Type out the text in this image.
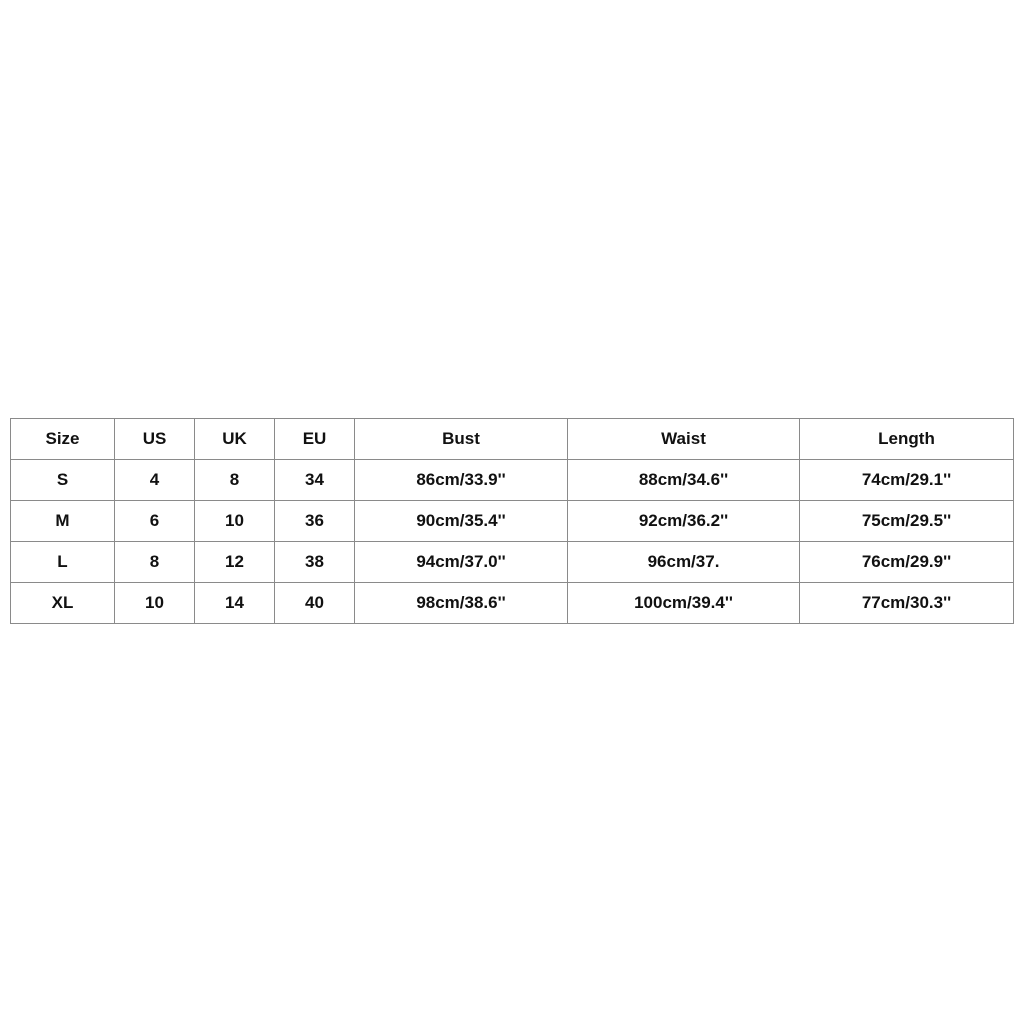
Size	US	UK	EU	Bust	Waist	Length
S	4	8	34	86cm/33.9''	88cm/34.6''	74cm/29.1''
M	6	10	36	90cm/35.4''	92cm/36.2''	75cm/29.5''
L	8	12	38	94cm/37.0''	96cm/37.	76cm/29.9''
XL	10	14	40	98cm/38.6''	100cm/39.4''	77cm/30.3''
